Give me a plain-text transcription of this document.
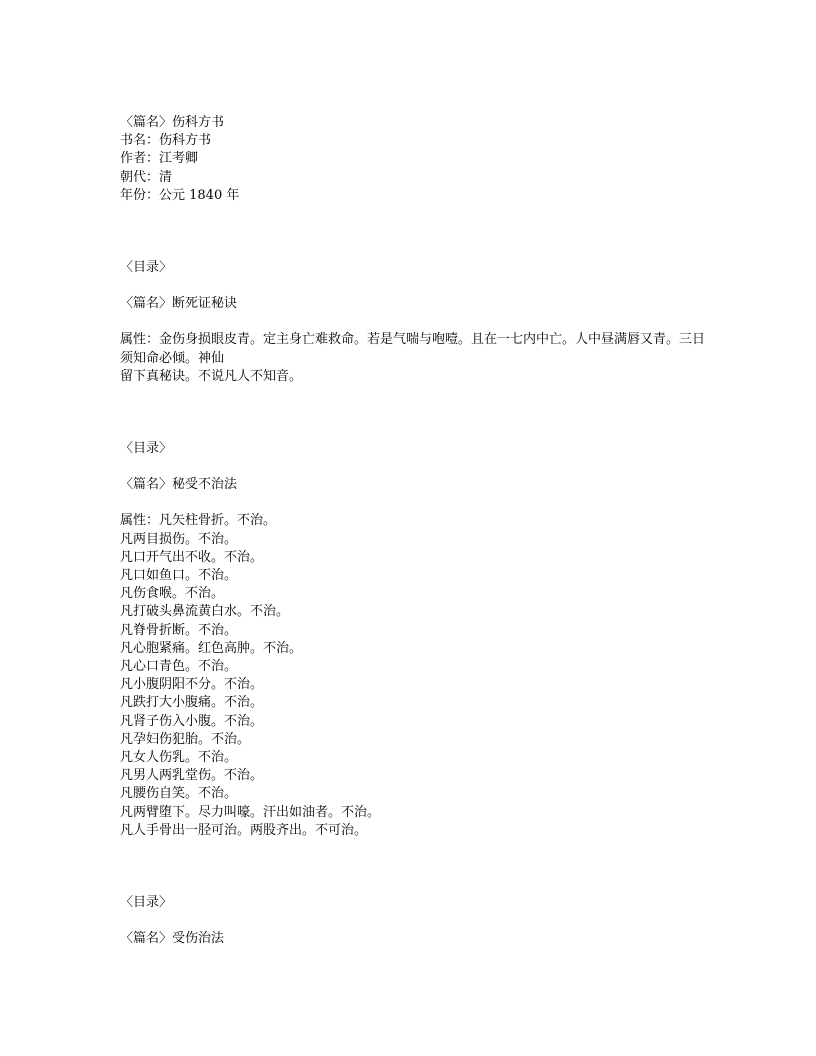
〈篇名〉伤科方书
书名：伤科方书
作者：江考卿
朝代：清
年份：公元 1840 年
〈目录〉
〈篇名〉断死证秘诀
属性：金伤身损眼皮青。定主身亡难救命。若是气喘与咆噎。且在一七内中亡。人中昼满唇又青。三日须知命必倾。神仙
留下真秘诀。不说凡人不知音。
〈目录〉
〈篇名〉秘受不治法
属性：凡矢柱骨折。不治。
凡两目损伤。不治。
凡口开气出不收。不治。
凡口如鱼口。不治。
凡伤食喉。不治。
凡打破头鼻流黄白水。不治。
凡脊骨折断。不治。
凡心胞紧痛。红色高肿。不治。
凡心口青色。不治。
凡小腹阴阳不分。不治。
凡跌打大小腹痛。不治。
凡肾子伤入小腹。不治。
凡孕妇伤犯胎。不治。
凡女人伤乳。不治。
凡男人两乳堂伤。不治。
凡腰伤自笑。不治。
凡两臂堕下。尽力叫嚎。汗出如油者。不治。
凡人手骨出一胫可治。两股齐出。不可治。
〈目录〉
〈篇名〉受伤治法
